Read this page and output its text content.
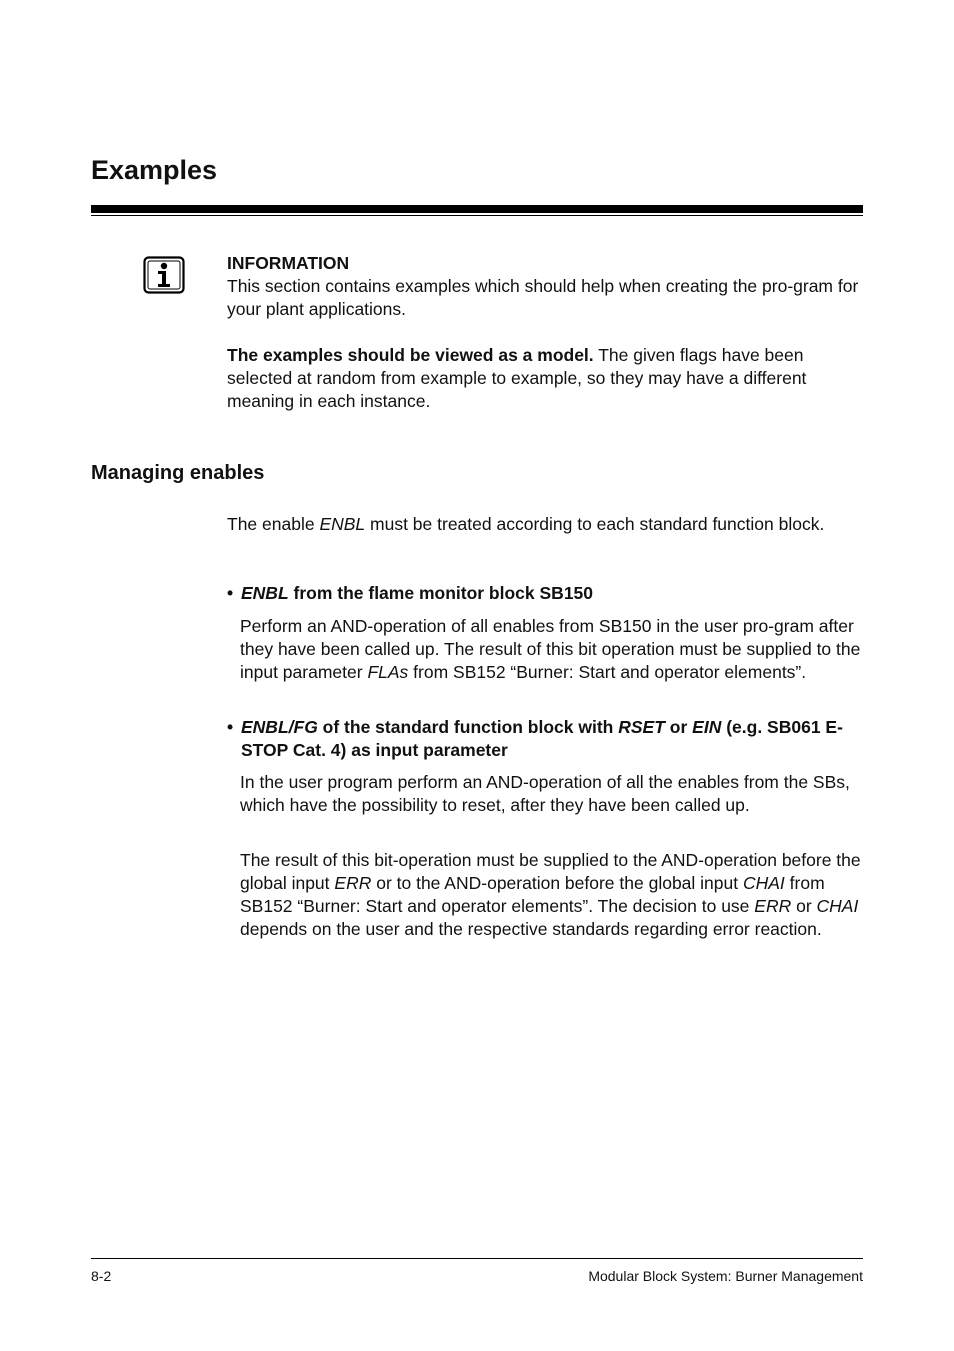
Examples

INFORMATION

This section contains examples which should help when creating the pro-gram for your plant applications.

The examples should be viewed as a model. The given flags have been selected at random from example to example, so they may have a different meaning in each instance.

Managing enables
The enable ENBL must be treated according to each standard function block.
• ENBL from the flame monitor block SB150
Perform an AND-operation of all enables from SB150 in the user pro-gram after they have been called up. The result of this bit operation must be supplied to the input parameter FLAs from SB152 “Burner: Start and operator elements”.
• ENBL/FG of the standard function block with RSET or EIN (e.g. SB061 E-STOP Cat. 4) as input parameter
In the user program perform an AND-operation of all the enables from the SBs, which have the possibility to reset, after they have been called up.
The result of this bit-operation must be supplied to the AND-operation before the global input ERR or to the AND-operation before the global input CHAI from SB152 “Burner: Start and operator elements”. The decision to use ERR or CHAI depends on the user and the respective standards regarding error reaction.
8-2	Modular Block System: Burner Management
